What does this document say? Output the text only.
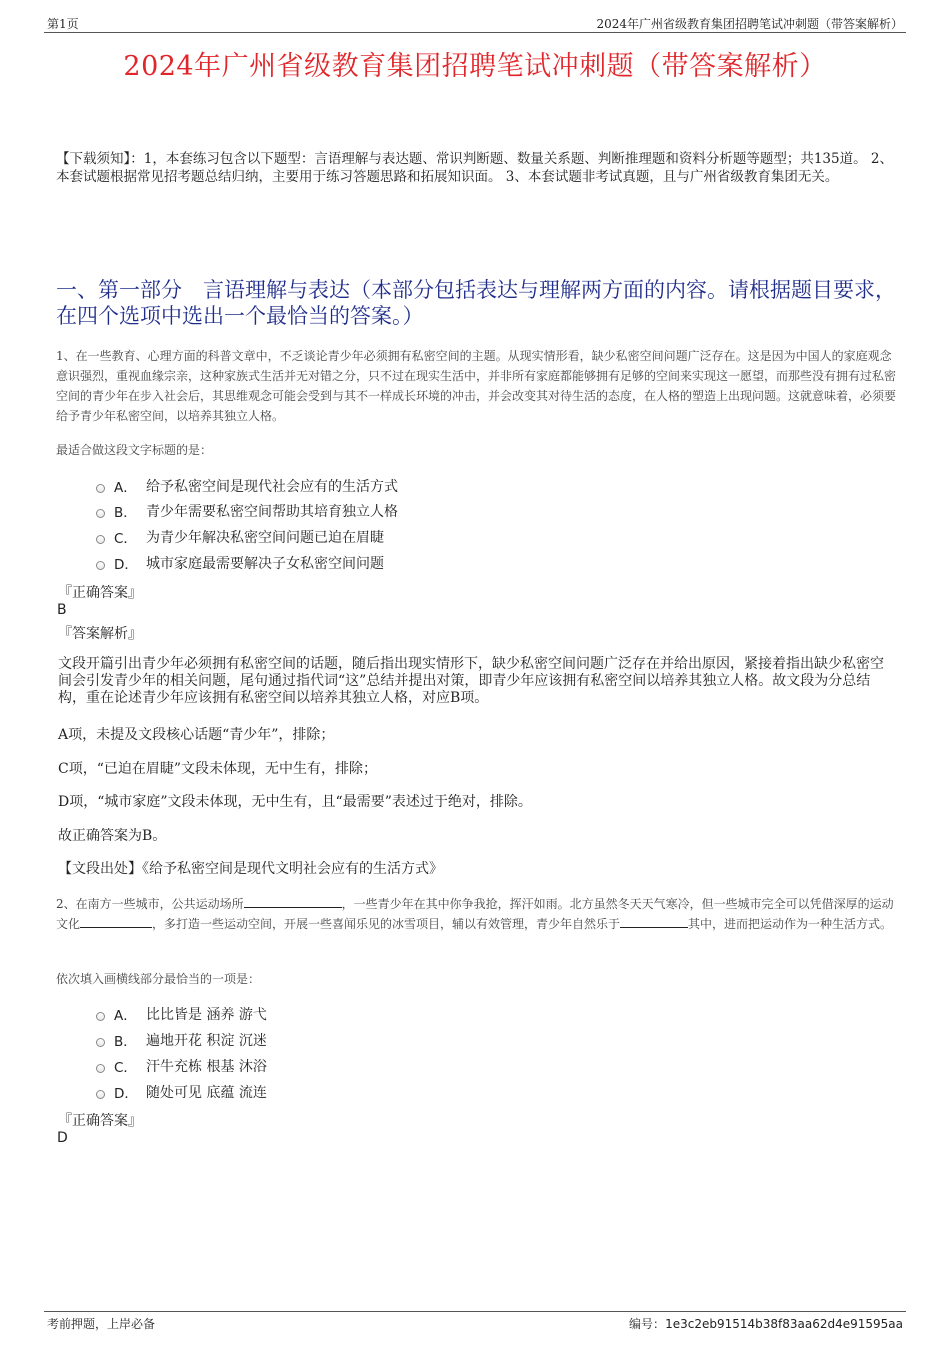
第1页	2024年广州省级教育集团招聘笔试冲刺题（带答案解析）
2024年广州省级教育集团招聘笔试冲刺题（带答案解析）
【下载须知】：1，本套练习包含以下题型：言语理解与表达题、常识判断题、数量关系题、判断推理题和资料分析题等题型；共135道。 2、本套试题根据常见招考题总结归纳，主要用于练习答题思路和拓展知识面。 3、本套试题非考试真题，且与广州省级教育集团无关。
一、第一部分　言语理解与表达（本部分包括表达与理解两方面的内容。请根据题目要求，在四个选项中选出一个最恰当的答案。）
1、在一些教育、心理方面的科普文章中，不乏谈论青少年必须拥有私密空间的主题。从现实情形看，缺少私密空间问题广泛存在。这是因为中国人的家庭观念意识强烈，重视血缘宗亲，这种家族式生活并无对错之分，只不过在现实生活中，并非所有家庭都能够拥有足够的空间来实现这一愿望，而那些没有拥有过私密空间的青少年在步入社会后，其思维观念可能会受到与其不一样成长环境的冲击，并会改变其对待生活的态度，在人格的塑造上出现问题。这就意味着，必须要给予青少年私密空间，以培养其独立人格。
最适合做这段文字标题的是：
A． 给予私密空间是现代社会应有的生活方式
B． 青少年需要私密空间帮助其培育独立人格
C． 为青少年解决私密空间问题已迫在眉睫
D． 城市家庭最需要解决子女私密空间问题
『正确答案』
B
『答案解析』
文段开篇引出青少年必须拥有私密空间的话题，随后指出现实情形下，缺少私密空间问题广泛存在并给出原因，紧接着指出缺少私密空间会引发青少年的相关问题，尾句通过指代词“这”总结并提出对策，即青少年应该拥有私密空间以培养其独立人格。故文段为分总结构，重在论述青少年应该拥有私密空间以培养其独立人格，对应B项。
A项，未提及文段核心话题“青少年”，排除；
C项，“已迫在眉睫”文段未体现，无中生有，排除；
D项，“城市家庭”文段未体现，无中生有，且“最需要”表述过于绝对，排除。
故正确答案为B。
【文段出处】《给予私密空间是现代文明社会应有的生活方式》
2、在南方一些城市，公共运动场所	，一些青少年在其中你争我抢，挥汗如雨。北方虽然冬天天气寒冷，但一些城市完全可以凭借深厚的运动文化	，多打造一些运动空间，开展一些喜闻乐见的冰雪项目，辅以有效管理，青少年自然乐于	其中，进而把运动作为一种生活方式。
依次填入画横线部分最恰当的一项是：
A． 比比皆是 涵养 游弋
B． 遍地开花 积淀 沉迷
C． 汗牛充栋 根基 沐浴
D． 随处可见 底蕴 流连
『正确答案』
D
考前押题，上岸必备	编号：1e3c2eb91514b38f83aa62d4e91595aa
